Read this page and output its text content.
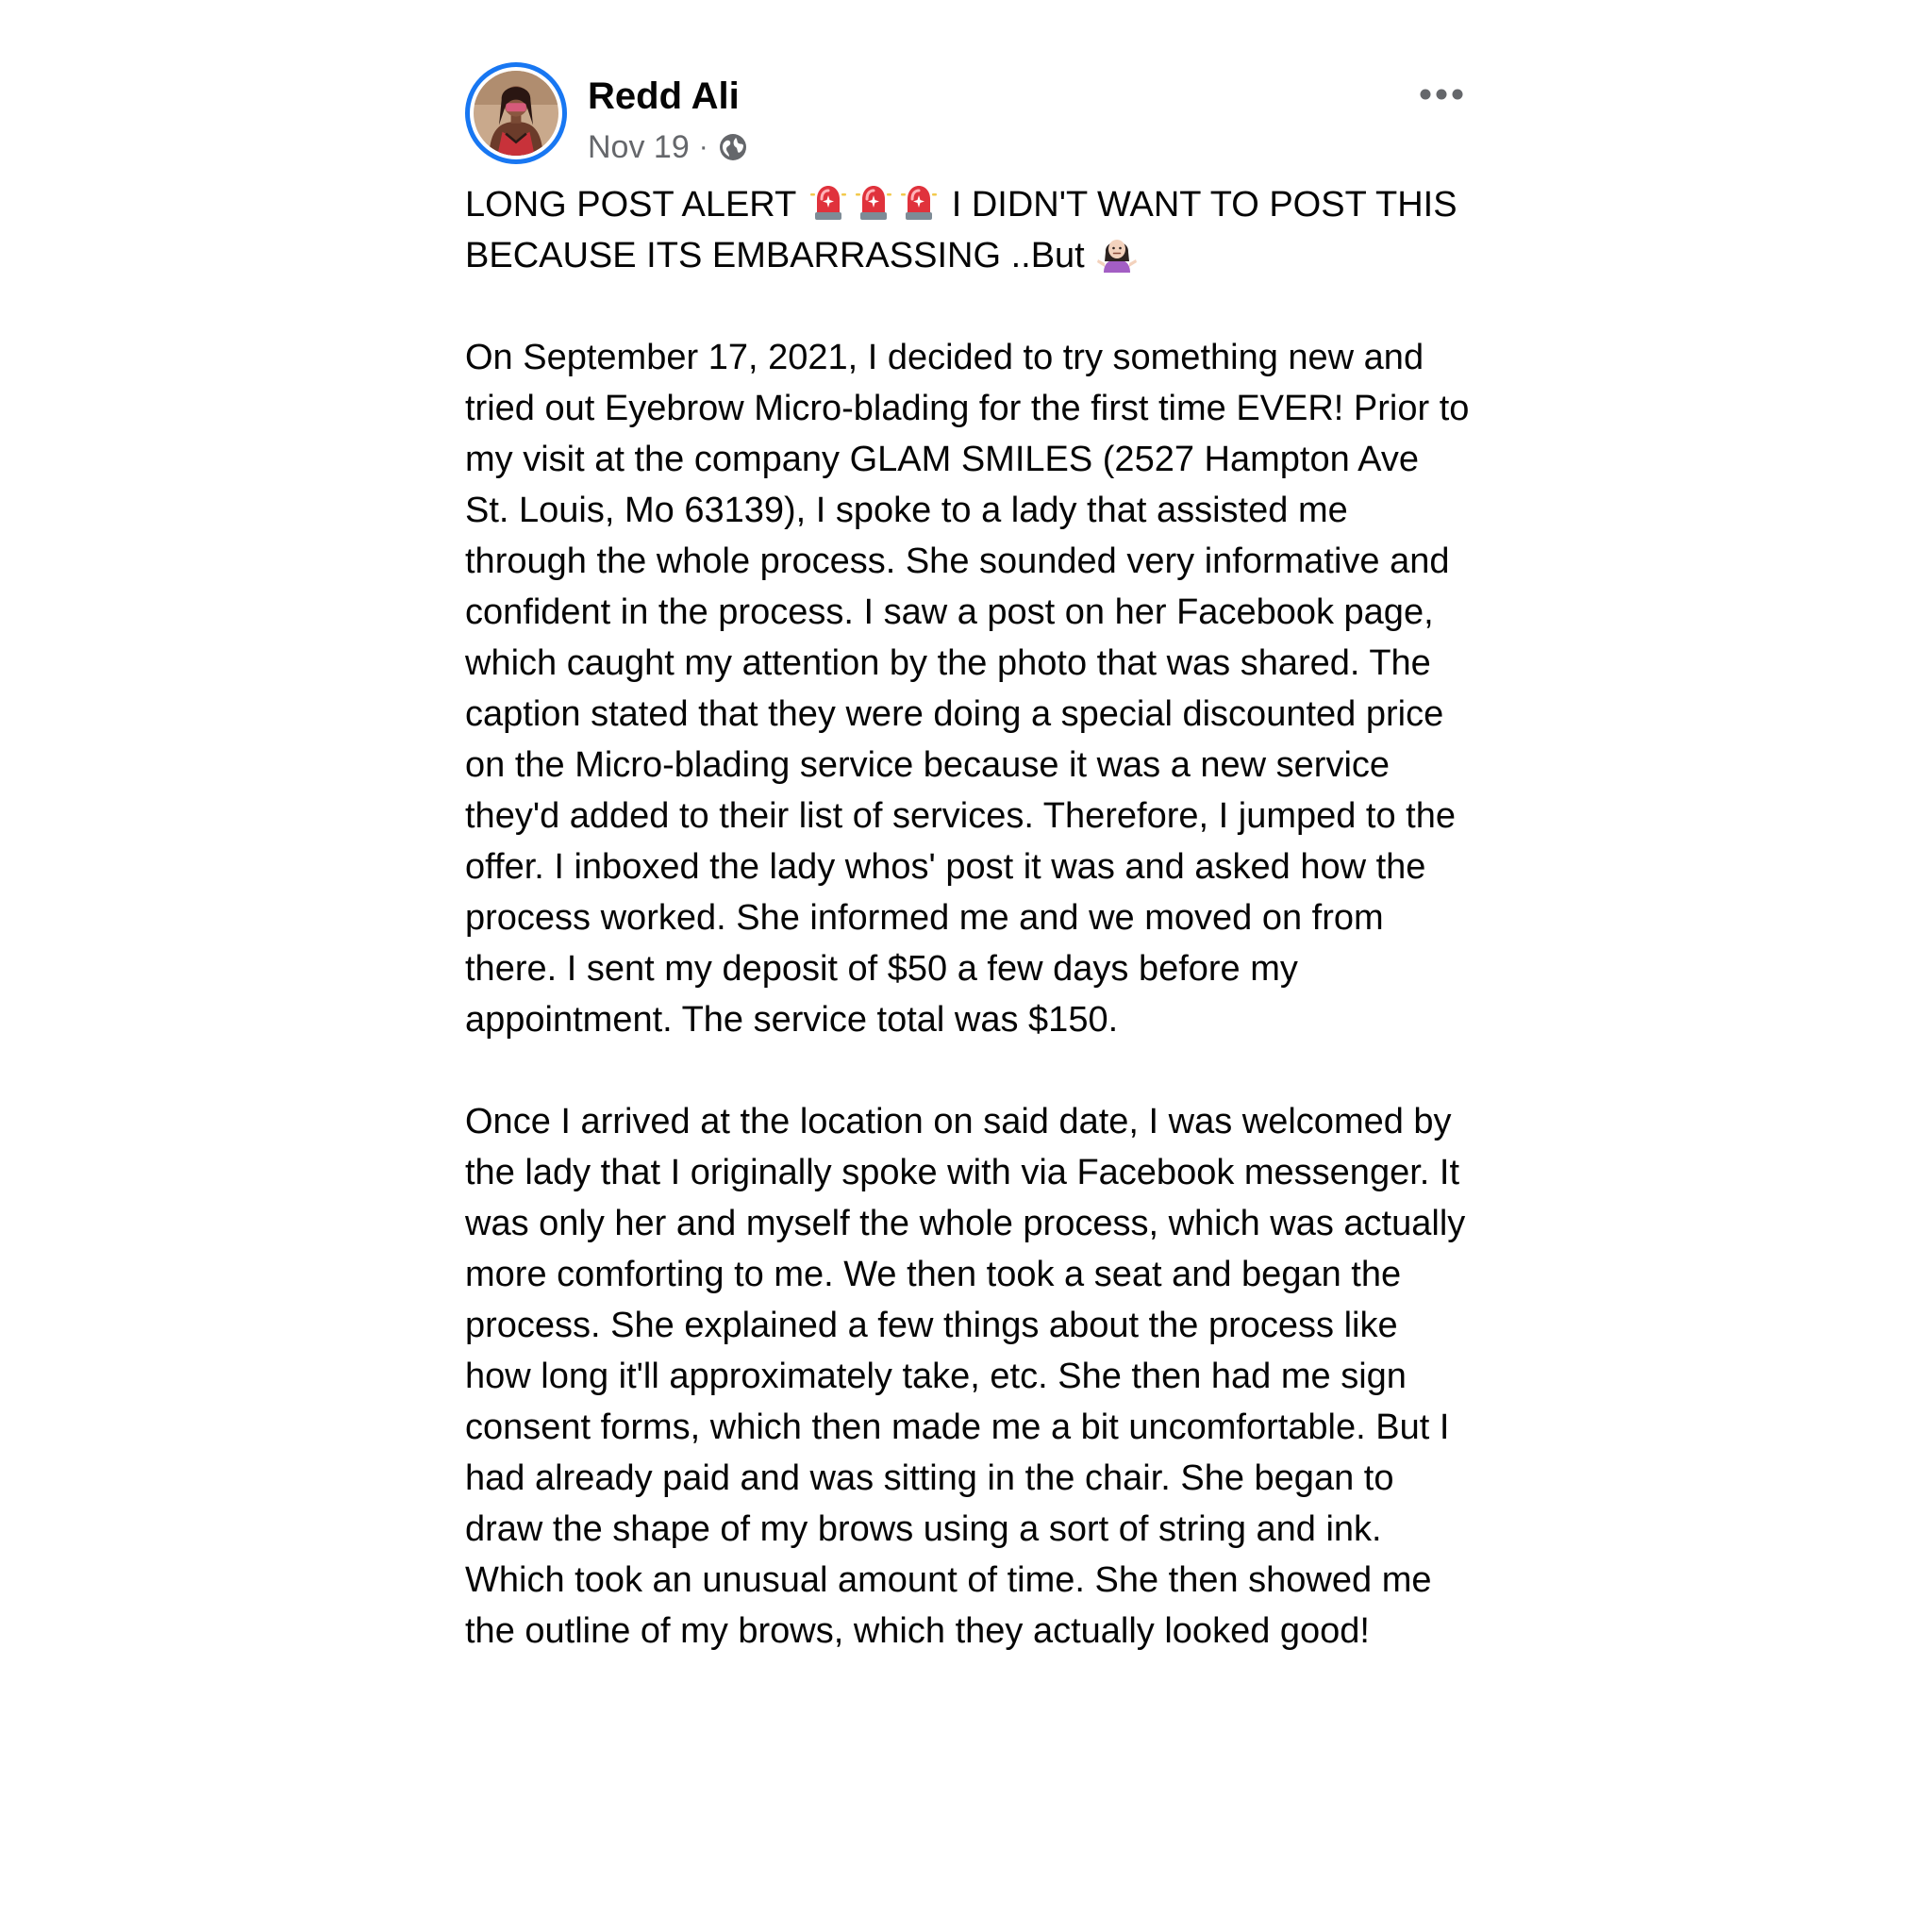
Redd Ali
Nov 19 ·

LONG POST ALERT	I DIDN'T WANT TO POST THIS BECAUSE ITS EMBARRASSING ..But

On September 17, 2021, I decided to try something new and tried out Eyebrow Micro-blading for the first time EVER! Prior to my visit at the company GLAM SMILES (2527 Hampton Ave St. Louis, Mo 63139), I spoke to a lady that assisted me through the whole process. She sounded very informative and confident in the process. I saw a post on her Facebook page, which caught my attention by the photo that was shared. The caption stated that they were doing a special discounted price on the Micro-blading service because it was a new service they'd added to their list of services. Therefore, I jumped to the offer. I inboxed the lady whos' post it was and asked how the process worked. She informed me and we moved on from there. I sent my deposit of $50 a few days before my appointment. The service total was $150.

Once I arrived at the location on said date, I was welcomed by the lady that I originally spoke with via Facebook messenger. It was only her and myself the whole process, which was actually more comforting to me. We then took a seat and began the process. She explained a few things about the process like how long it'll approximately take, etc. She then had me sign consent forms, which then made me a bit uncomfortable. But I had already paid and was sitting in the chair. She began to draw the shape of my brows using a sort of string and ink. Which took an unusual amount of time. She then showed me the outline of my brows, which they actually looked good!
